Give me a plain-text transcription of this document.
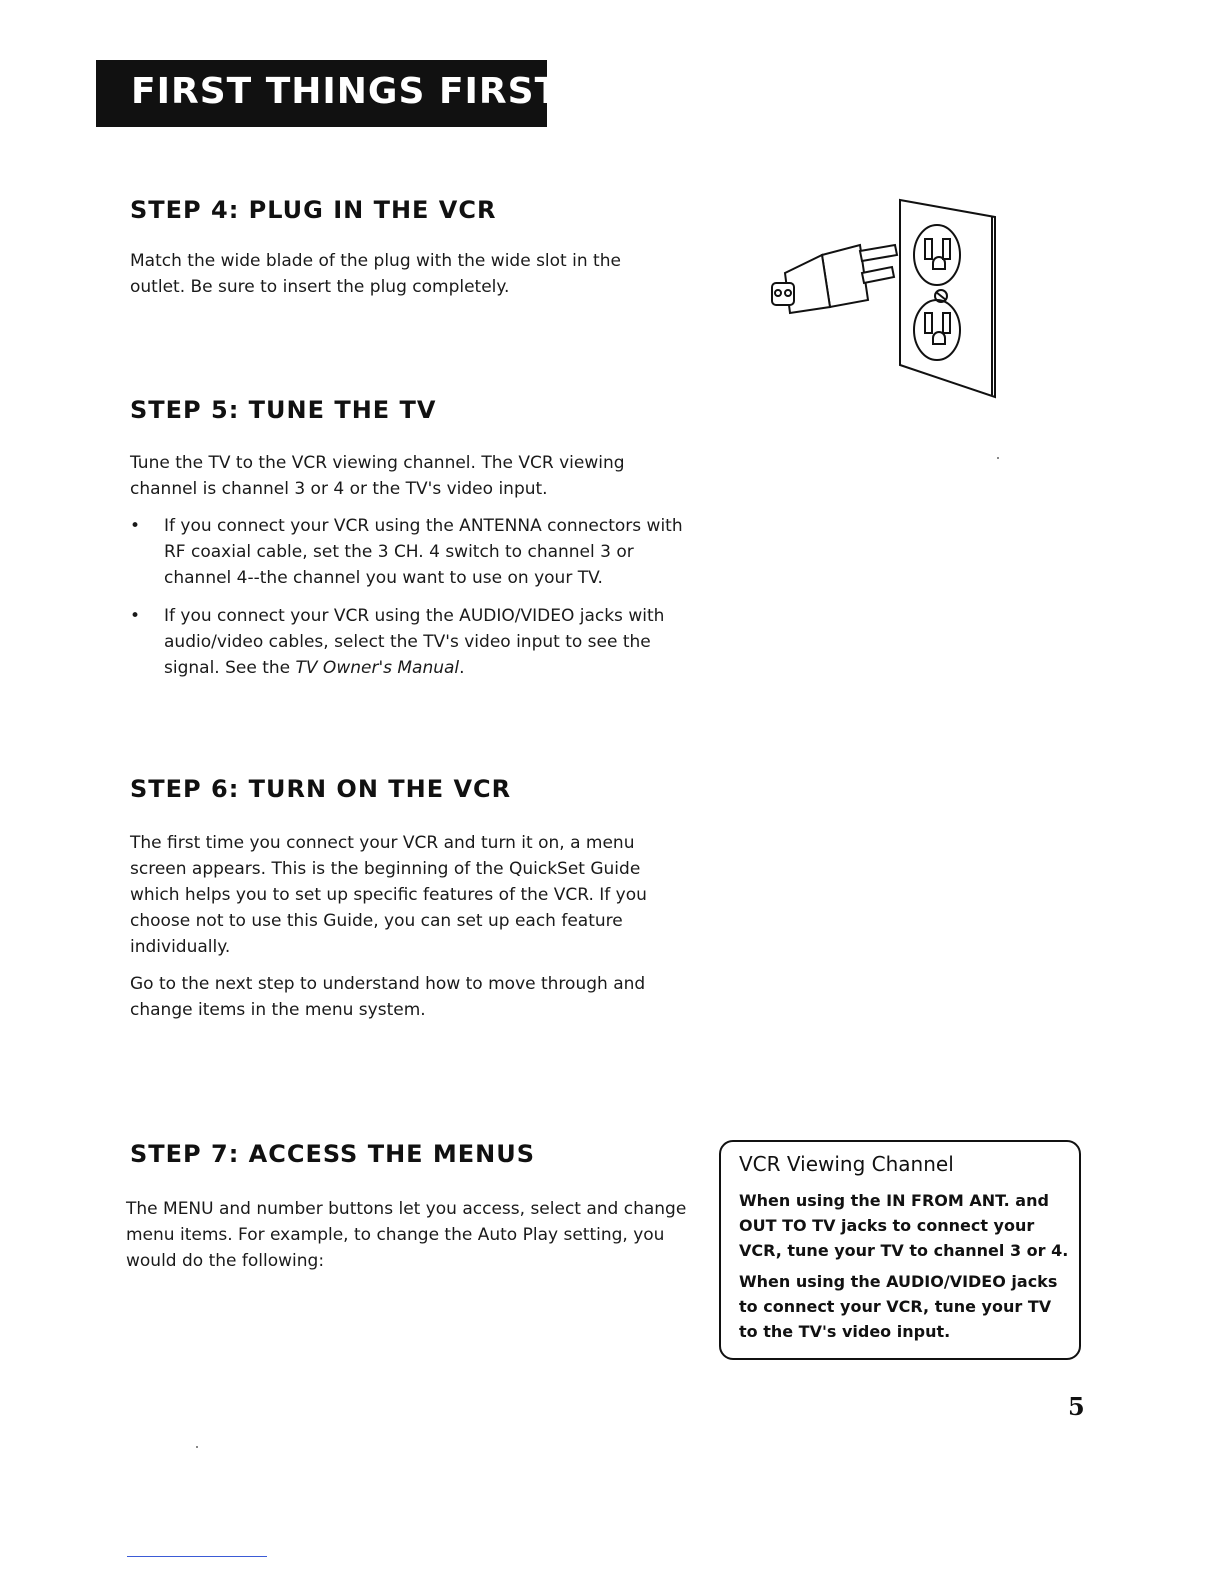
FIRST THINGS FIRST
STEP 4: PLUG IN THE VCR

Match the wide blade of the plug with the wide slot in the outlet. Be sure to insert the plug completely.

STEP 5: TUNE THE TV

Tune the TV to the VCR viewing channel. The VCR viewing channel is channel 3 or 4 or the TV's video input.

• If you connect your VCR using the ANTENNA connectors with RF coaxial cable, set the 3 CH. 4 switch to channel 3 or channel 4--the channel you want to use on your TV.
• If you connect your VCR using the AUDIO/VIDEO jacks with audio/video cables, select the TV's video input to see the signal. See the TV Owner's Manual.
STEP 6: TURN ON THE VCR

The first time you connect your VCR and turn it on, a menu screen appears. This is the beginning of the QuickSet Guide which helps you to set up specific features of the VCR. If you choose not to use this Guide, you can set up each feature individually.

Go to the next step to understand how to move through and change items in the menu system.

STEP 7: ACCESS THE MENUS

The MENU and number buttons let you access, select and change menu items. For example, to change the Auto Play setting, you would do the following:

VCR Viewing Channel

When using the IN FROM ANT. and OUT TO TV jacks to connect your VCR, tune your TV to channel 3 or 4.

When using the AUDIO/VIDEO jacks to connect your VCR, tune your TV to the TV's video input.

5
